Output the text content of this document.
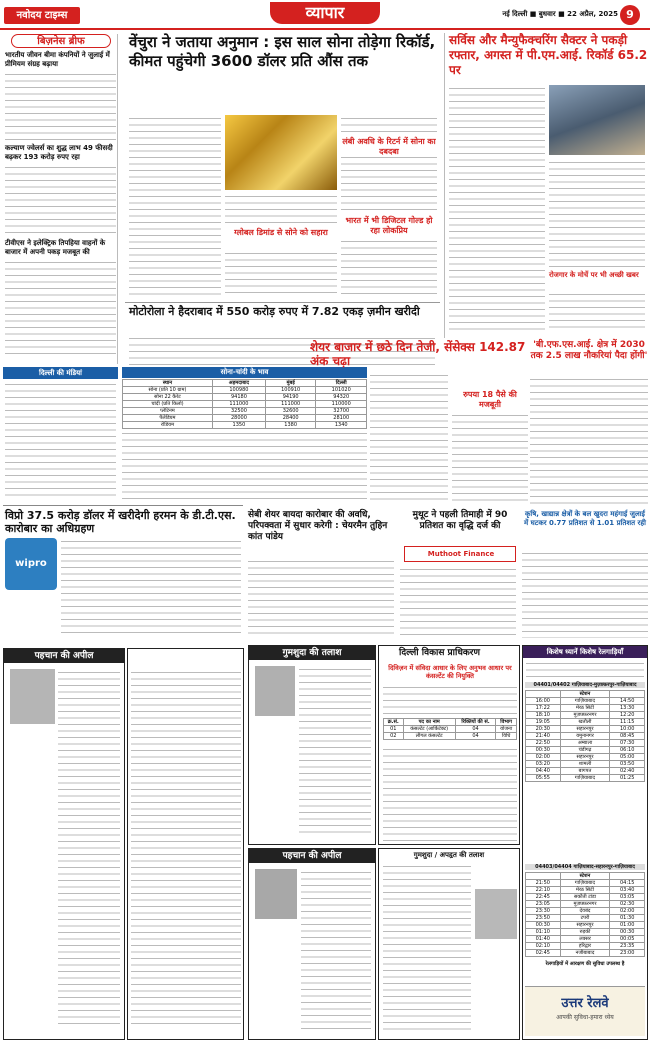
नवोदय टाइम्स	व्यापार	नई दिल्ली ■ बुधवार ■ 22 अप्रैल, 2025 9
बिज़नेस ब्रीफ
भारतीय जीवन बीमा कंपनियों ने जुलाई में प्रीमियम संग्रह बढ़ाया
कल्याण ज्वेलर्स का शुद्ध लाभ 49 फीसदी बढ़कर 193 करोड़ रुपए रहा
टीवीएस ने इलेक्ट्रिक तिपहिया वाहनों के बाजार में अपनी पकड़ मजबूत की
दिल्ली की मंडियां
विप्रो 37.5 करोड़ डॉलर में खरीदेगी हरमन के डी.टी.एस. कारोबार का अधिग्रहण
wipro
पहचान की अपील
वेंचुरा ने जताया अनुमान : इस साल सोना तोड़ेगा रिकॉर्ड, कीमत पहुंचेगी 3600 डॉलर प्रति औंस तक
ग्लोबल डिमांड से सोने को सहारा
लंबी अवधि के रिटर्न में सोना का दबदबा
भारत में भी डिजिटल गोल्ड हो रहा लोकप्रिय
मोटोरोला ने हैदराबाद में 550 करोड़ रुपए में 7.82 एकड़ ज़मीन खरीदी
सोना-चांदी के भाव
स्थान	अहमदाबाद	मुंबई	दिल्ली
सोना (प्रति 10 ग्राम)	100980	100910	101020
सोना 22 कैरेट	94180	94190	94320
चांदी (प्रति किलो)	111000	111000	110000
प्लेटिनम	32500	32600	32700
पैलेडियम	28000	28400	28100
रोडियम	1350	1380	1340
शेयर बाजार में छठे दिन तेजी, सेंसेक्स 142.87 अंक चढ़ा
रुपया 18 पैसे की मजबूती
सेबी शेयर बायदा कारोबार की अवधि, परिपक्वता में सुधार करेगी : चेयरमैन तुहिन कांत पांडेय
मुथूट ने पहली तिमाही में 90 प्रतिशत का वृद्धि दर्ज की
Muthoot Finance
गुमशुदा की तलाश	दिल्ली विकास प्राधिकरण
दिविज़न में संविदा आधार के लिए अनुभव आधार पर कंसल्टेंट की नियुक्ति
क्र.सं.	पद का नाम	रिक्तियों की सं.	विभाग
01	कंसल्टेंट (आर्किटेक्ट)	04	योजना
02	लीगल कंसल्टेंट	04	विधि
पहचान की अपील	गुमशुदा / अपहृत की तलाश
सर्विस और मैन्युफैक्चरिंग सैक्टर ने पकड़ी रफ्तार, अगस्त में पी.एम.आई. रिकॉर्ड 65.2 पर
रोजगार के मोर्चे पर भी अच्छी खबर
'बी.एफ.एस.आई. क्षेत्र में 2030 तक 2.5 लाख नौकरियां पैदा होंगी'
कृषि, खाद्यान्न क्षेत्रों के बल खुदरा महंगाई जुलाई में घटकर 0.77 प्रतिशत से 1.01 प्रतिशत रही
किशेष ध्यानें किशेष रेलगाड़ियाँ
04401/04402 गाज़ियाबाद-मुज़फ़्फ़रपुर-गाज़ियाबाद
	स्टेशन	
16:00	गाज़ियाबाद	14:50
17:22	मेरठ सिटी	13:30
18:10	मुज़फ़्फ़रनगर	12:20
19:05	खतौली	11:15
20:30	सहारनपुर	10:00
21:40	यमुनानगर	08:45
22:50	अम्बाला	07:30
00:30	चंडीगढ़	06:10
02:00	सहारनपुर	05:00
03:20	शामली	03:50
04:40	बागपत	02:40
05:55	गाज़ियाबाद	01:25
04403/04404 गाज़ियाबाद-सहारनपुर-गाज़ियाबाद
	स्टेशन	
21:50	गाज़ियाबाद	04:15
22:10	मेरठ सिटी	03:40
22:45	सकौती टांडा	03:05
23:05	मुज़फ़्फ़रनगर	02:30
23:30	देवबंद	02:00
23:50	टपरी	01:30
00:30	सहारनपुर	01:00
01:10	रुड़की	00:30
01:40	लक्सर	00:05
02:10	हरिद्वार	23:35
02:45	नजीबाबाद	23:00
रेलगाड़ियों में आरक्षण की सुविधा उपलब्ध है
उत्तर रेलवे
आपकी सुविधा-हमारा ध्येय
